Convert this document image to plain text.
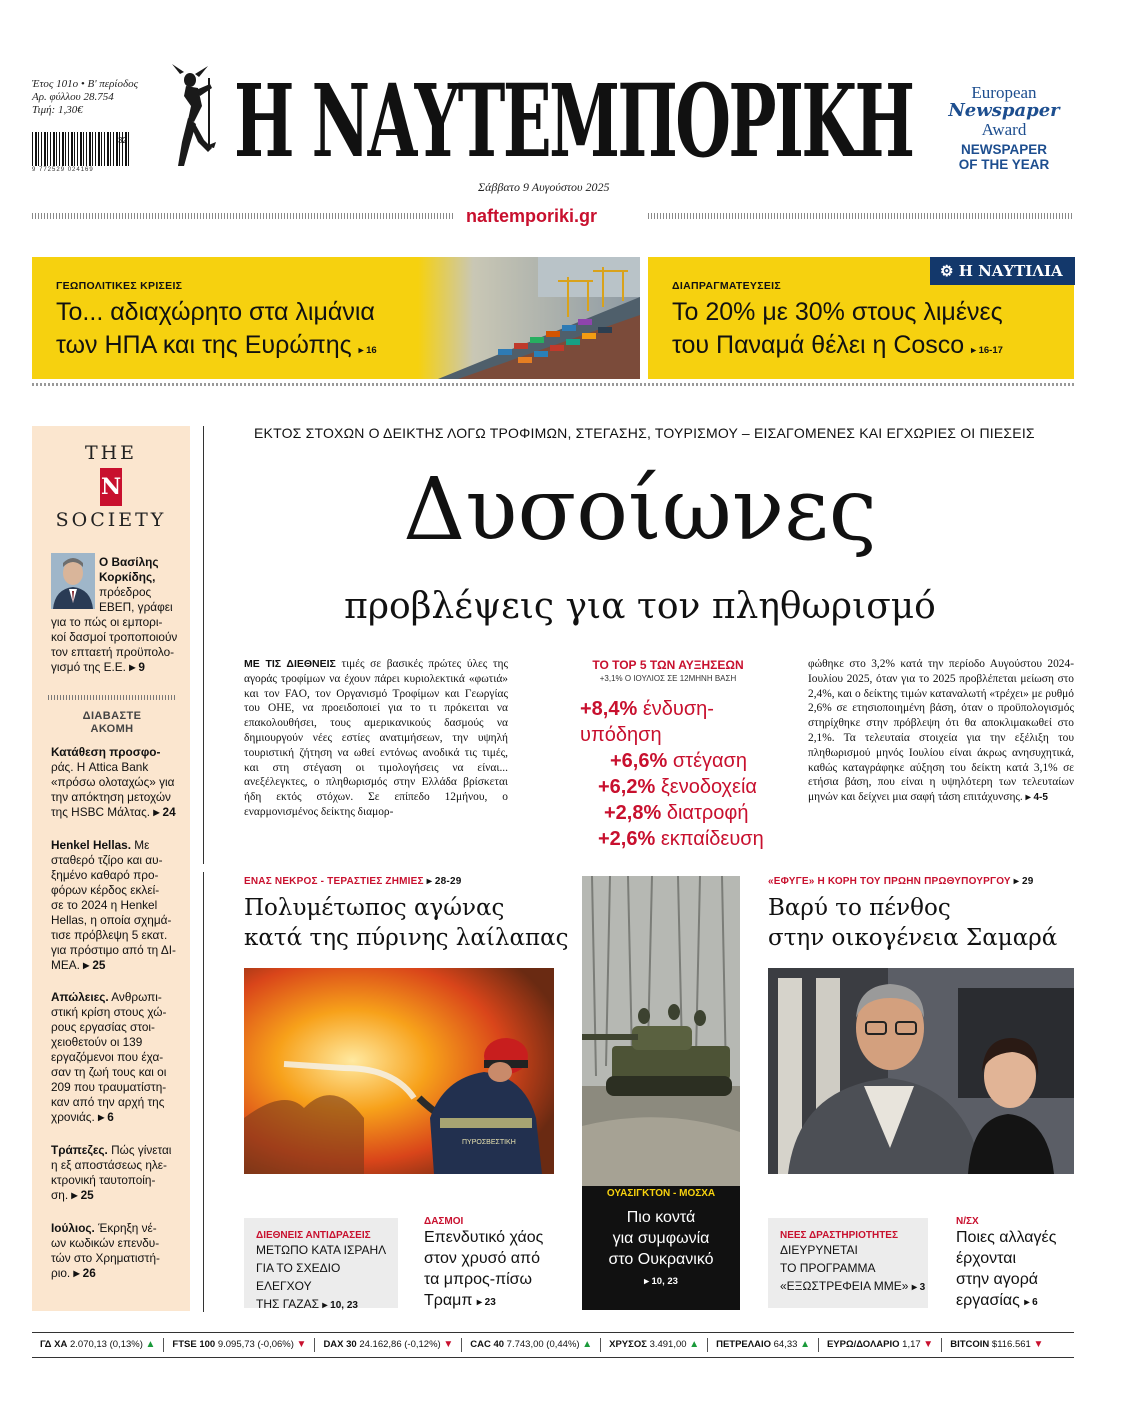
Έτος 101ο • Β' περίοδος
Αρ. φύλλου 28.754
Τιμή: 1,30€
9 772529 024169
32 Η ΝΑΥΤΕΜΠΟΡΙΚΗ	European
Newspaper
Award
NEWSPAPER
OF THE YEAR
Σάββατο 9 Αυγούστου 2025
naftemporiki.gr
ΓΕΩΠΟΛΙΤΙΚΕΣ ΚΡΙΣΕΙΣ
Το... αδιαχώρητο στα λιμάνια
των ΗΠΑ και της Ευρώπης ▸ 16
⚙ Η ΝΑΥΤΙΛΙΑ
ΔΙΑΠΡΑΓΜΑΤΕΥΣΕΙΣ
Το 20% με 30% στους λιμένες
του Παναμά θέλει η Cosco ▸ 16-17
THE
N
SOCIETY
Ο Βασίλης Κορκίδης,
πρόεδρος
ΕΒΕΠ, γράφει
για το πώς οι εμπορι-
κοί δασμοί τροποποιούν
τον επταετή προϋπολο-
γισμό της Ε.Ε. ▸ 9
ΔΙΑΒΑΣΤΕ ΑΚΟΜΗ
Κατάθεση προσφο-
ράς. Η Attica Bank
«πρόσω ολοταχώς» για
την απόκτηση μετοχών
της HSBC Μάλτας. ▸ 24
Henkel Hellas. Με
σταθερό τζίρο και αυ-
ξημένο καθαρό προ-
φόρων κέρδος εκλεί-
σε το 2024 η Henkel
Hellas, η οποία σχημά-
τισε πρόβλεψη 5 εκατ.
για πρόστιμο από τη ΔΙ-
ΜΕΑ. ▸ 25
Απώλειες. Ανθρωπι-
στική κρίση στους χώ-
ρους εργασίας στοι-
χειοθετούν οι 139
εργαζόμενοι που έχα-
σαν τη ζωή τους και οι
209 που τραυματίστη-
καν από την αρχή της
χρονιάς. ▸ 6
Τράπεζες. Πώς γίνεται
η εξ αποστάσεως ηλε-
κτρονική ταυτοποίη-
ση. ▸ 25
Ιούλιος. Έκρηξη νέ-
ων κωδικών επενδυ-
τών στο Χρηματιστή-
ριο. ▸ 26
ΕΚΤΟΣ ΣΤΟΧΩΝ Ο ΔΕΙΚΤΗΣ ΛΟΓΩ ΤΡΟΦΙΜΩΝ, ΣΤΕΓΑΣΗΣ, ΤΟΥΡΙΣΜΟΥ – ΕΙΣΑΓΟΜΕΝΕΣ ΚΑΙ ΕΓΧΩΡΙΕΣ ΟΙ ΠΙΕΣΕΙΣ
Δυσοίωνες
προβλέψεις για τον πληθωρισμό
ΜΕ ΤΙΣ ΔΙΕΘΝΕΙΣ τιμές σε βασικές πρώτες ύλες της αγοράς τροφίμων να έχουν πάρει κυριολεκτικά «φωτιά» και τον FAO, τον Οργανισμό Τροφίμων και Γεωργίας του ΟΗΕ, να προειδοποιεί για το τι πρόκειται να επακολουθήσει, τους αμερικανικούς δασμούς να δημιουργούν νέες εστίες ανατιμήσεων, την υψηλή τουριστική ζήτηση να ωθεί εντόνως ανοδικά τις τιμές, και στη στέγαση οι τιμολογήσεις να είναι... ανεξέλεγκτες, ο πληθωρισμός στην Ελλάδα βρίσκεται ήδη εκτός στόχων. Σε επίπεδο 12μήνου, ο εναρμονισμένος δείκτης διαμορ-
ΤΟ ΤΟΡ 5 ΤΩΝ ΑΥΞΗΣΕΩΝ
+3,1% Ο ΙΟΥΛΙΟΣ ΣΕ 12ΜΗΝΗ ΒΑΣΗ
+8,4% ένδυση-υπόδηση
+6,6% στέγαση
+6,2% ξενοδοχεία
+2,8% διατροφή
+2,6% εκπαίδευση
φώθηκε στο 3,2% κατά την περίοδο Αυγούστου 2024-Ιουλίου 2025, όταν για το 2025 προβλέπεται μείωση στο 2,4%, και ο δείκτης τιμών καταναλωτή «τρέχει» με ρυθμό 2,6% σε ετησιοποιημένη βάση, όταν ο προϋπολογισμός στηρίχθηκε στην πρόβλεψη ότι θα αποκλιμακωθεί στο 2,1%. Τα τελευταία στοιχεία για την εξέλιξη του πληθωρισμού μηνός Ιουλίου είναι άκρως ανησυχητικά, καθώς καταγράφηκε αύξηση του δείκτη κατά 3,1% σε ετήσια βάση, που είναι η υψηλότερη των τελευταίων μηνών και δείχνει μια σαφή τάση επιτάχυνσης. ▸ 4-5
ΕΝΑΣ ΝΕΚΡΟΣ - ΤΕΡΑΣΤΙΕΣ ΖΗΜΙΕΣ ▸ 28-29
Πολυμέτωπος αγώνας
κατά της πύρινης λαίλαπας
ΠΥΡΟΣΒΕΣΤΙΚΗ
ΟΥΑΣΙΓΚΤΟΝ - ΜΟΣΧΑ
Πιο κοντά
για συμφωνία
στο Ουκρανικό
▸ 10, 23
«ΕΦΥΓΕ» Η ΚΟΡΗ ΤΟΥ ΠΡΩΗΝ ΠΡΩΘΥΠΟΥΡΓΟΥ ▸ 29
Βαρύ το πένθος
στην οικογένεια Σαμαρά
ΔΙΕΘΝΕΙΣ ΑΝΤΙΔΡΑΣΕΙΣ
ΜΕΤΩΠΟ ΚΑΤΑ ΙΣΡΑΗΛ
ΓΙΑ ΤΟ ΣΧΕΔΙΟ ΕΛΕΓΧΟΥ
ΤΗΣ ΓΑΖΑΣ ▸ 10, 23
ΔΑΣΜΟΙ
Επενδυτικό χάος
στον χρυσό από
τα μπρος-πίσω
Τραμπ ▸ 23
ΝΕΕΣ ΔΡΑΣΤΗΡΙΟΤΗΤΕΣ
ΔΙΕΥΡΥΝΕΤΑΙ
ΤΟ ΠΡΟΓΡΑΜΜΑ
«ΕΞΩΣΤΡΕΦΕΙΑ ΜΜΕ» ▸ 3
Ν/ΣΧ
Ποιες αλλαγές
έρχονται
στην αγορά
εργασίας ▸ 6
ΓΔ ΧΑ 2.070,13 (0,13%) ▲	FTSE 100 9.095,73 (-0,06%) ▼	DAX 30 24.162,86 (-0,12%) ▼	CAC 40 7.743,00 (0,44%) ▲	ΧΡΥΣΟΣ 3.491,00 ▲	ΠΕΤΡΕΛΑΙΟ 64,33 ▲	ΕΥΡΩ/ΔΟΛΑΡΙΟ 1,17 ▼	BITCOIN $116.561 ▼
